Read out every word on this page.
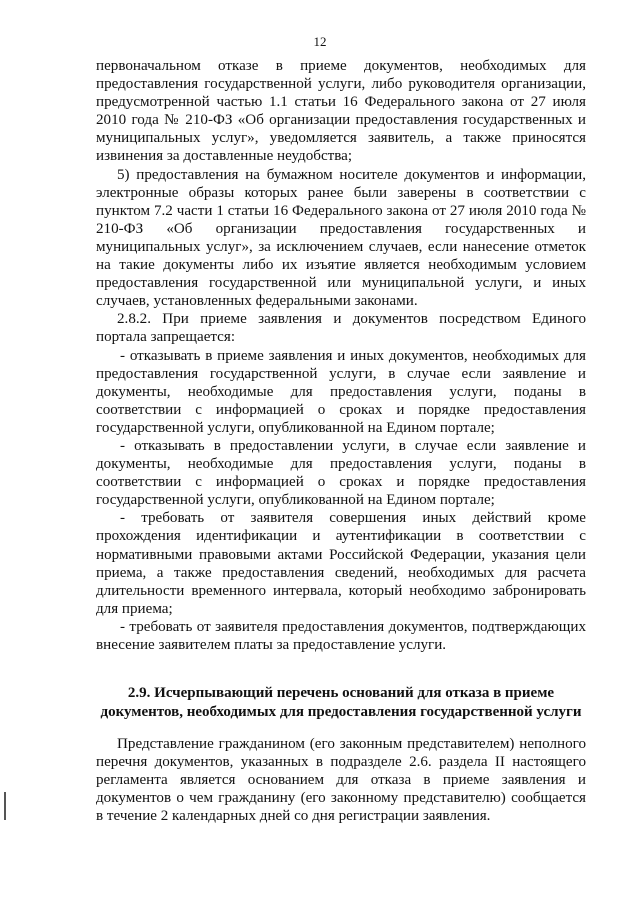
12

первоначальном отказе в приеме документов, необходимых для предоставления государственной услуги, либо руководителя организации, предусмотренной частью 1.1 статьи 16 Федерального закона от 27 июля 2010 года № 210-ФЗ «Об организации предоставления государственных и муниципальных услуг», уведомляется заявитель, а также приносятся извинения за доставленные неудобства;

5) предоставления на бумажном носителе документов и информации, электронные образы которых ранее были заверены в соответствии с пунктом 7.2 части 1 статьи 16 Федерального закона от 27 июля 2010 года № 210-ФЗ «Об организации предоставления государственных и муниципальных услуг», за исключением случаев, если нанесение отметок на такие документы либо их изъятие является необходимым условием предоставления государственной или муниципальной услуги, и иных случаев, установленных федеральными законами.

2.8.2. При приеме заявления и документов посредством Единого портала запрещается:

- отказывать в приеме заявления и иных документов, необходимых для предоставления государственной услуги, в случае если заявление и документы, необходимые для предоставления услуги, поданы в соответствии с информацией о сроках и порядке предоставления государственной услуги, опубликованной на Едином портале;

- отказывать в предоставлении услуги, в случае если заявление и документы, необходимые для предоставления услуги, поданы в соответствии с информацией о сроках и порядке предоставления государственной услуги, опубликованной на Едином портале;

- требовать от заявителя совершения иных действий кроме прохождения идентификации и аутентификации в соответствии с нормативными правовыми актами Российской Федерации, указания цели приема, а также предоставления сведений, необходимых для расчета длительности временного интервала, который необходимо забронировать для приема;

- требовать от заявителя предоставления документов, подтверждающих внесение заявителем платы за предоставление услуги.

2.9. Исчерпывающий перечень оснований для отказа в приеме документов, необходимых для предоставления государственной услуги

Представление гражданином (его законным представителем) неполного перечня документов, указанных в подразделе 2.6. раздела II настоящего регламента является основанием для отказа в приеме заявления и документов о чем гражданину (его законному представителю) сообщается в течение 2 календарных дней со дня регистрации заявления.
